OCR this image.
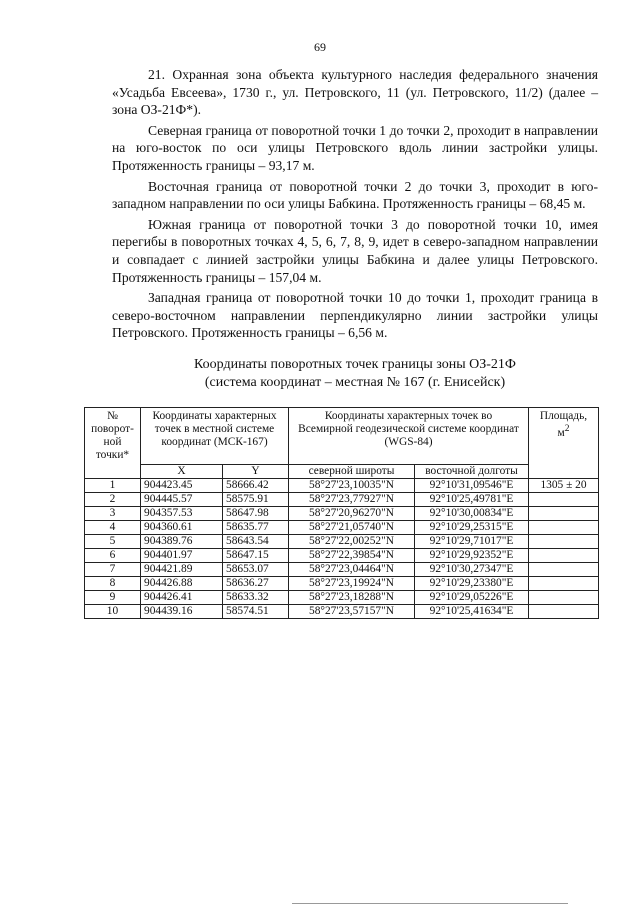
69

21. Охранная зона объекта культурного наследия федерального значения «Усадьба Евсеева», 1730 г., ул. Петровского, 11 (ул. Петровского, 11/2) (далее – зона ОЗ-21Ф*).

Северная граница от поворотной точки 1 до точки 2, проходит в направлении на юго-восток по оси улицы Петровского вдоль линии застройки улицы. Протяженность границы – 93,17 м.

Восточная граница от поворотной точки 2 до точки 3, проходит в юго-западном направлении по оси улицы Бабкина. Протяженность границы – 68,45 м.

Южная граница от поворотной точки 3 до поворотной точки 10, имея перегибы в поворотных точках 4, 5, 6, 7, 8, 9, идет в северо-западном направлении и совпадает с линией застройки улицы Бабкина и далее улицы Петровского. Протяженность границы – 157,04 м.

Западная граница от поворотной точки 10 до точки 1, проходит граница в северо-восточном направлении перпендикулярно линии застройки улицы Петровского. Протяженность границы – 6,56 м.

Координаты поворотных точек границы зоны ОЗ-21Ф
(система координат – местная № 167 (г. Енисейск)
№ поворот-ной точки*	Координаты характерных точек в местной системе координат (МСК-167)		Координаты характерных точек во Всемирной геодезической системе координат (WGS-84)		Площадь,
$м^2$
	X	Y	северной широты	восточной долготы	
1	904423.45	58666.42	58°27'23,10035"N	92°10'31,09546"E	1305 ± 20
2	904445.57	58575.91	58°27'23,77927"N	92°10'25,49781"E	
3	904357.53	58647.98	58°27'20,96270"N	92°10'30,00834"E	
4	904360.61	58635.77	58°27'21,05740"N	92°10'29,25315"E	
5	904389.76	58643.54	58°27'22,00252"N	92°10'29,71017"E	
6	904401.97	58647.15	58°27'22,39854"N	92°10'29,92352"E	
7	904421.89	58653.07	58°27'23,04464"N	92°10'30,27347"E	
8	904426.88	58636.27	58°27'23,19924"N	92°10'29,23380"E	
9	904426.41	58633.32	58°27'23,18288"N	92°10'29,05226"E	
10	904439.16	58574.51	58°27'23,57157"N	92°10'25,41634"E	
